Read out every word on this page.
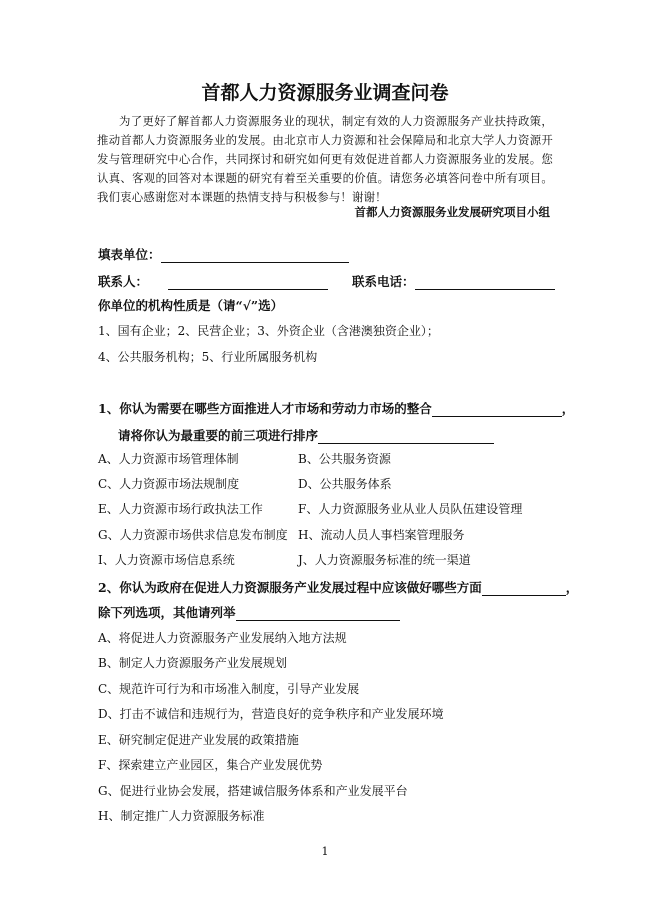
首都人力资源服务业调查问卷

为了更好了解首都人力资源服务业的现状，制定有效的人力资源服务产业扶持政策，推动首都人力资源服务业的发展。由北京市人力资源和社会保障局和北京大学人力资源开发与管理研究中心合作，共同探讨和研究如何更有效促进首都人力资源服务业的发展。您认真、客观的回答对本课题的研究有着至关重要的价值。请您务必填答问卷中所有项目。我们衷心感谢您对本课题的热情支持与积极参与！谢谢！

首都人力资源服务业发展研究项目小组
填表单位：
联系人：	联系电话：
你单位的机构性质是（请“√”选）
1、国有企业；2、民营企业；3、外资企业（含港澳独资企业）；
4、公共服务机构；5、行业所属服务机构
1、你认为需要在哪些方面推进人才市场和劳动力市场的整合	，
请将你认为最重要的前三项进行排序
A、人力资源市场管理体制	B、公共服务资源
C、人力资源市场法规制度	D、公共服务体系
E、人力资源市场行政执法工作	F、人力资源服务业从业人员队伍建设管理
G、人力资源市场供求信息发布制度 H、流动人员人事档案管理服务
I、人力资源市场信息系统	J、人力资源服务标准的统一渠道
2、你认为政府在促进人力资源服务产业发展过程中应该做好哪些方面	，
除下列选项，其他请列举
A、将促进人力资源服务产业发展纳入地方法规
B、制定人力资源服务产业发展规划
C、规范许可行为和市场准入制度，引导产业发展
D、打击不诚信和违规行为，营造良好的竞争秩序和产业发展环境
E、研究制定促进产业发展的政策措施
F、探索建立产业园区，集合产业发展优势
G、促进行业协会发展，搭建诚信服务体系和产业发展平台
H、制定推广人力资源服务标准
1
